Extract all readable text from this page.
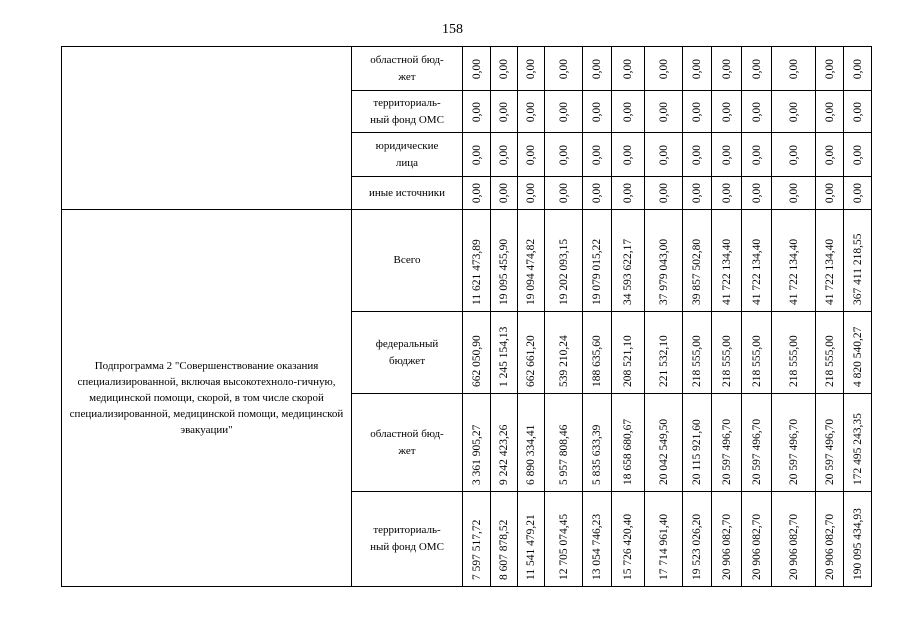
158
	областной бюд-
жет	0,00	0,00	0,00	0,00	0,00	0,00	0,00	0,00	0,00	0,00	0,00	0,00	0,00

	территориаль-
ный фонд ОМС	0,00	0,00	0,00	0,00	0,00	0,00	0,00	0,00	0,00	0,00	0,00	0,00	0,00

	юридические
лица	0,00	0,00	0,00	0,00	0,00	0,00	0,00	0,00	0,00	0,00	0,00	0,00	0,00

	иные источники	0,00	0,00	0,00	0,00	0,00	0,00	0,00	0,00	0,00	0,00	0,00	0,00	0,00

Подпрограмма 2 "Совершенствование оказания специализированной, включая высокотехноло-гичную, медицинской помощи, скорой, в том числе скорой специализированной, медицинской помощи, медицинской эвакуации"	Всего	11 621 473,89	19 095 455,90	19 094 474,82	19 202 093,15	19 079 015,22	34 593 622,17	37 979 043,00	39 857 502,80	41 722 134,40	41 722 134,40	41 722 134,40	41 722 134,40	367 411 218,55

	федеральный
бюджет	662 050,90	1 245 154,13	662 661,20	539 210,24	188 635,60	208 521,10	221 532,10	218 555,00	218 555,00	218 555,00	218 555,00	218 555,00	4 820 540,27

	областной бюд-
жет	3 361 905,27	9 242 423,26	6 890 334,41	5 957 808,46	5 835 633,39	18 658 680,67	20 042 549,50	20 115 921,60	20 597 496,70	20 597 496,70	20 597 496,70	20 597 496,70	172 495 243,35

	территориаль-
ный фонд ОМС	7 597 517,72	8 607 878,52	11 541 479,21	12 705 074,45	13 054 746,23	15 726 420,40	17 714 961,40	19 523 026,20	20 906 082,70	20 906 082,70	20 906 082,70	20 906 082,70	190 095 434,93
